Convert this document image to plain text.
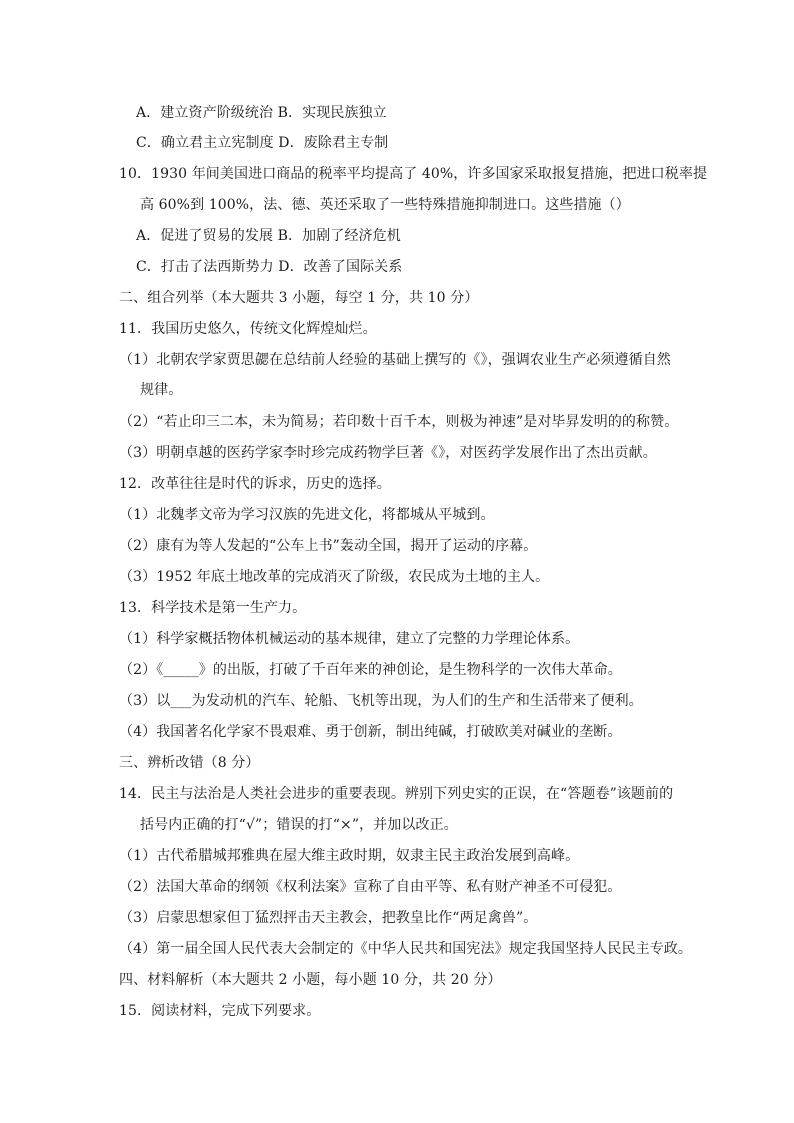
A．建立资产阶级统治 B．实现民族独立
C．确立君主立宪制度 D．废除君主专制
10．1930 年间美国进口商品的税率平均提高了 40%，许多国家采取报复措施，把进口税率提
高 60%到 100%，法、德、英还采取了一些特殊措施抑制进口。这些措施（）
A．促进了贸易的发展 B．加剧了经济危机
C．打击了法西斯势力 D．改善了国际关系
二、组合列举（本大题共 3 小题，每空 1 分，共 10 分）
11．我国历史悠久，传统文化辉煌灿烂。
（1）北朝农学家贾思勰在总结前人经验的基础上撰写的《》，强调农业生产必须遵循自然
规律。
（2）“若止印三二本，未为简易；若印数十百千本，则极为神速”是对毕昇发明的的称赞。
（3）明朝卓越的医药学家李时珍完成药物学巨著《》，对医药学发展作出了杰出贡献。
12．改革往往是时代的诉求，历史的选择。
（1）北魏孝文帝为学习汉族的先进文化，将都城从平城到。
（2）康有为等人发起的“公车上书”轰动全国，揭开了运动的序幕。
（3）1952 年底土地改革的完成消灭了阶级，农民成为土地的主人。
13．科学技术是第一生产力。
（1）科学家概括物体机械运动的基本规律，建立了完整的力学理论体系。
（2）《_____》的出版，打破了千百年来的神创论，是生物科学的一次伟大革命。
（3）以___为发动机的汽车、轮船、飞机等出现，为人们的生产和生活带来了便利。
（4）我国著名化学家不畏艰难、勇于创新，制出纯碱，打破欧美对碱业的垄断。
三、辨析改错（8 分）
14．民主与法治是人类社会进步的重要表现。辨别下列史实的正误，在“答题卷”该题前的
括号内正确的打“√”；错误的打“×”，并加以改正。
（1）古代希腊城邦雅典在屋大维主政时期，奴隶主民主政治发展到高峰。
（2）法国大革命的纲领《权利法案》宣称了自由平等、私有财产神圣不可侵犯。
（3）启蒙思想家但丁猛烈抨击天主教会，把教皇比作“两足禽兽”。
（4）第一届全国人民代表大会制定的《中华人民共和国宪法》规定我国坚持人民民主专政。
四、材料解析（本大题共 2 小题，每小题 10 分，共 20 分）
15．阅读材料，完成下列要求。
